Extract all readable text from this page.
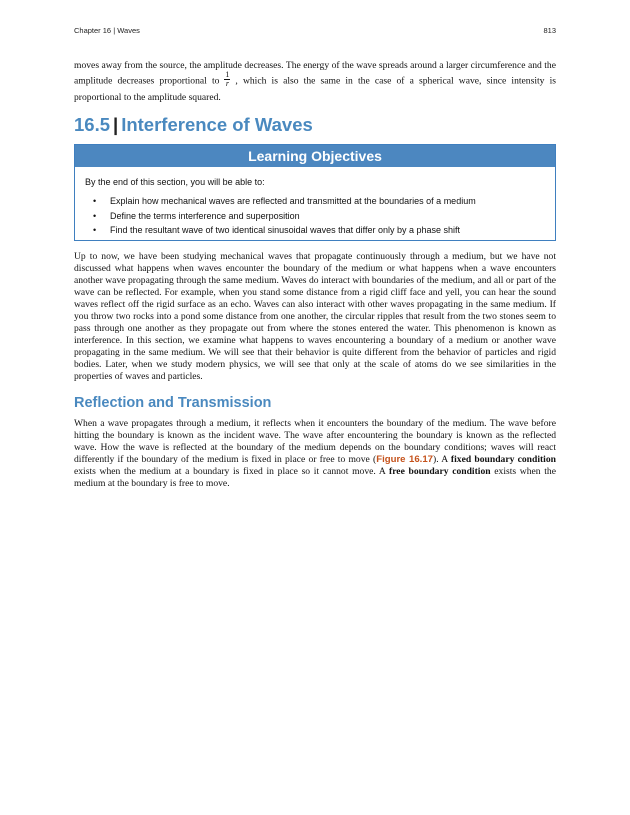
Chapter 16 | Waves	813

moves away from the source, the amplitude decreases. The energy of the wave spreads around a larger circumference and the amplitude decreases proportional to $\frac{1}{r}$ , which is also the same in the case of a spherical wave, since intensity is proportional to the amplitude squared.

16.5 | Interference of Waves
Learning Objectives

By the end of this section, you will be able to:

• Explain how mechanical waves are reflected and transmitted at the boundaries of a medium
• Define the terms interference and superposition
• Find the resultant wave of two identical sinusoidal waves that differ only by a phase shift

Up to now, we have been studying mechanical waves that propagate continuously through a medium, but we have not discussed what happens when waves encounter the boundary of the medium or what happens when a wave encounters another wave propagating through the same medium. Waves do interact with boundaries of the medium, and all or part of the wave can be reflected. For example, when you stand some distance from a rigid cliff face and yell, you can hear the sound waves reflect off the rigid surface as an echo. Waves can also interact with other waves propagating in the same medium. If you throw two rocks into a pond some distance from one another, the circular ripples that result from the two stones seem to pass through one another as they propagate out from where the stones entered the water. This phenomenon is known as interference. In this section, we examine what happens to waves encountering a boundary of a medium or another wave propagating in the same medium. We will see that their behavior is quite different from the behavior of particles and rigid bodies. Later, when we study modern physics, we will see that only at the scale of atoms do we see similarities in the properties of waves and particles.

Reflection and Transmission

When a wave propagates through a medium, it reflects when it encounters the boundary of the medium. The wave before hitting the boundary is known as the incident wave. The wave after encountering the boundary is known as the reflected wave. How the wave is reflected at the boundary of the medium depends on the boundary conditions; waves will react differently if the boundary of the medium is fixed in place or free to move (Figure 16.17). A fixed boundary condition exists when the medium at a boundary is fixed in place so it cannot move. A free boundary condition exists when the medium at the boundary is free to move.
